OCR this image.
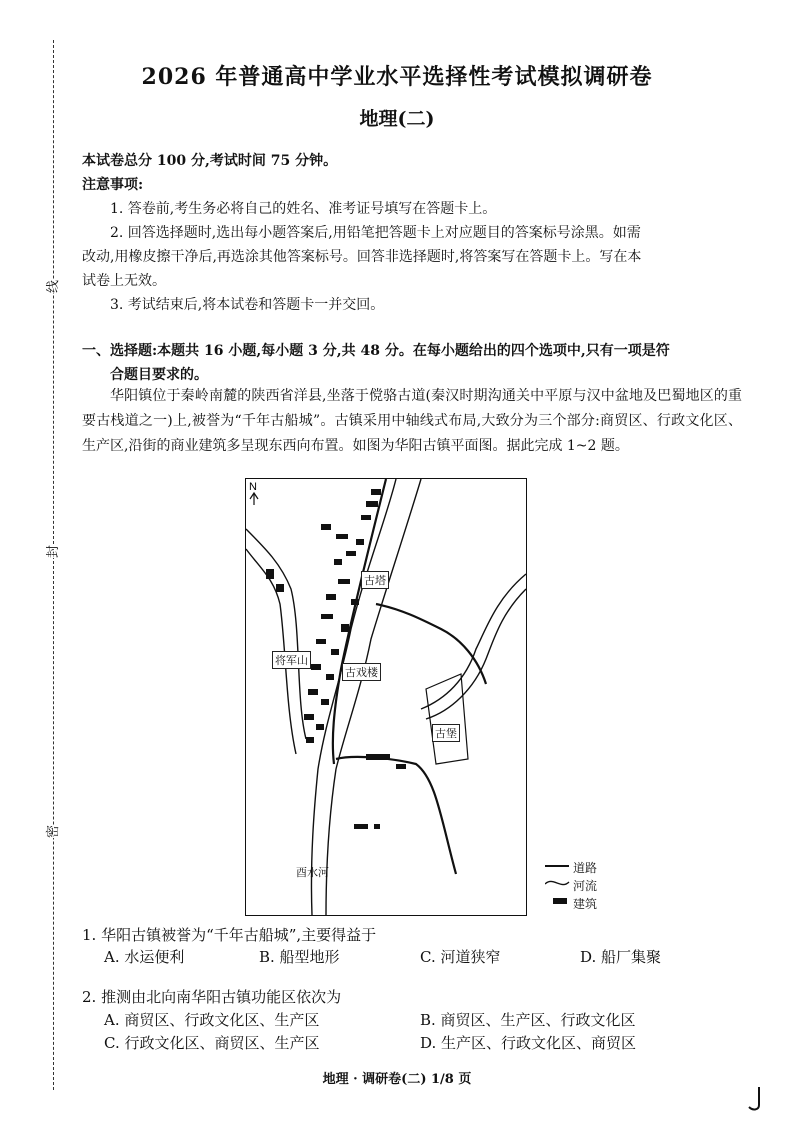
线
封
密
2026 年普通高中学业水平选择性考试模拟调研卷
地理(二)
本试卷总分 100 分,考试时间 75 分钟。
注意事项:
1. 答卷前,考生务必将自己的姓名、准考证号填写在答题卡上。
2. 回答选择题时,选出每小题答案后,用铅笔把答题卡上对应题目的答案标号涂黑。如需
改动,用橡皮擦干净后,再选涂其他答案标号。回答非选择题时,将答案写在答题卡上。写在本
试卷上无效。
3. 考试结束后,将本试卷和答题卡一并交回。
一、选择题:本题共 16 小题,每小题 3 分,共 48 分。在每小题给出的四个选项中,只有一项是符
合题目要求的。
华阳镇位于秦岭南麓的陕西省洋县,坐落于傥骆古道(秦汉时期沟通关中平原与汉中盆地及巴蜀地区的重要古栈道之一)上,被誉为“千年古船城”。古镇采用中轴线式布局,大致分为三个部分:商贸区、行政文化区、生产区,沿街的商业建筑多呈现东西向布置。如图为华阳古镇平面图。据此完成 1~2 题。
N
古塔
将军山
古戏楼
古堡
酉水河	道路
河流
建筑
1. 华阳古镇被誉为“千年古船城”,主要得益于
A. 水运便利	B. 船型地形	C. 河道狭窄	D. 船厂集聚
2. 推测由北向南华阳古镇功能区依次为
A. 商贸区、行政文化区、生产区	B. 商贸区、生产区、行政文化区
C. 行政文化区、商贸区、生产区	D. 生产区、行政文化区、商贸区
地理 · 调研卷(二) 1/8 页
